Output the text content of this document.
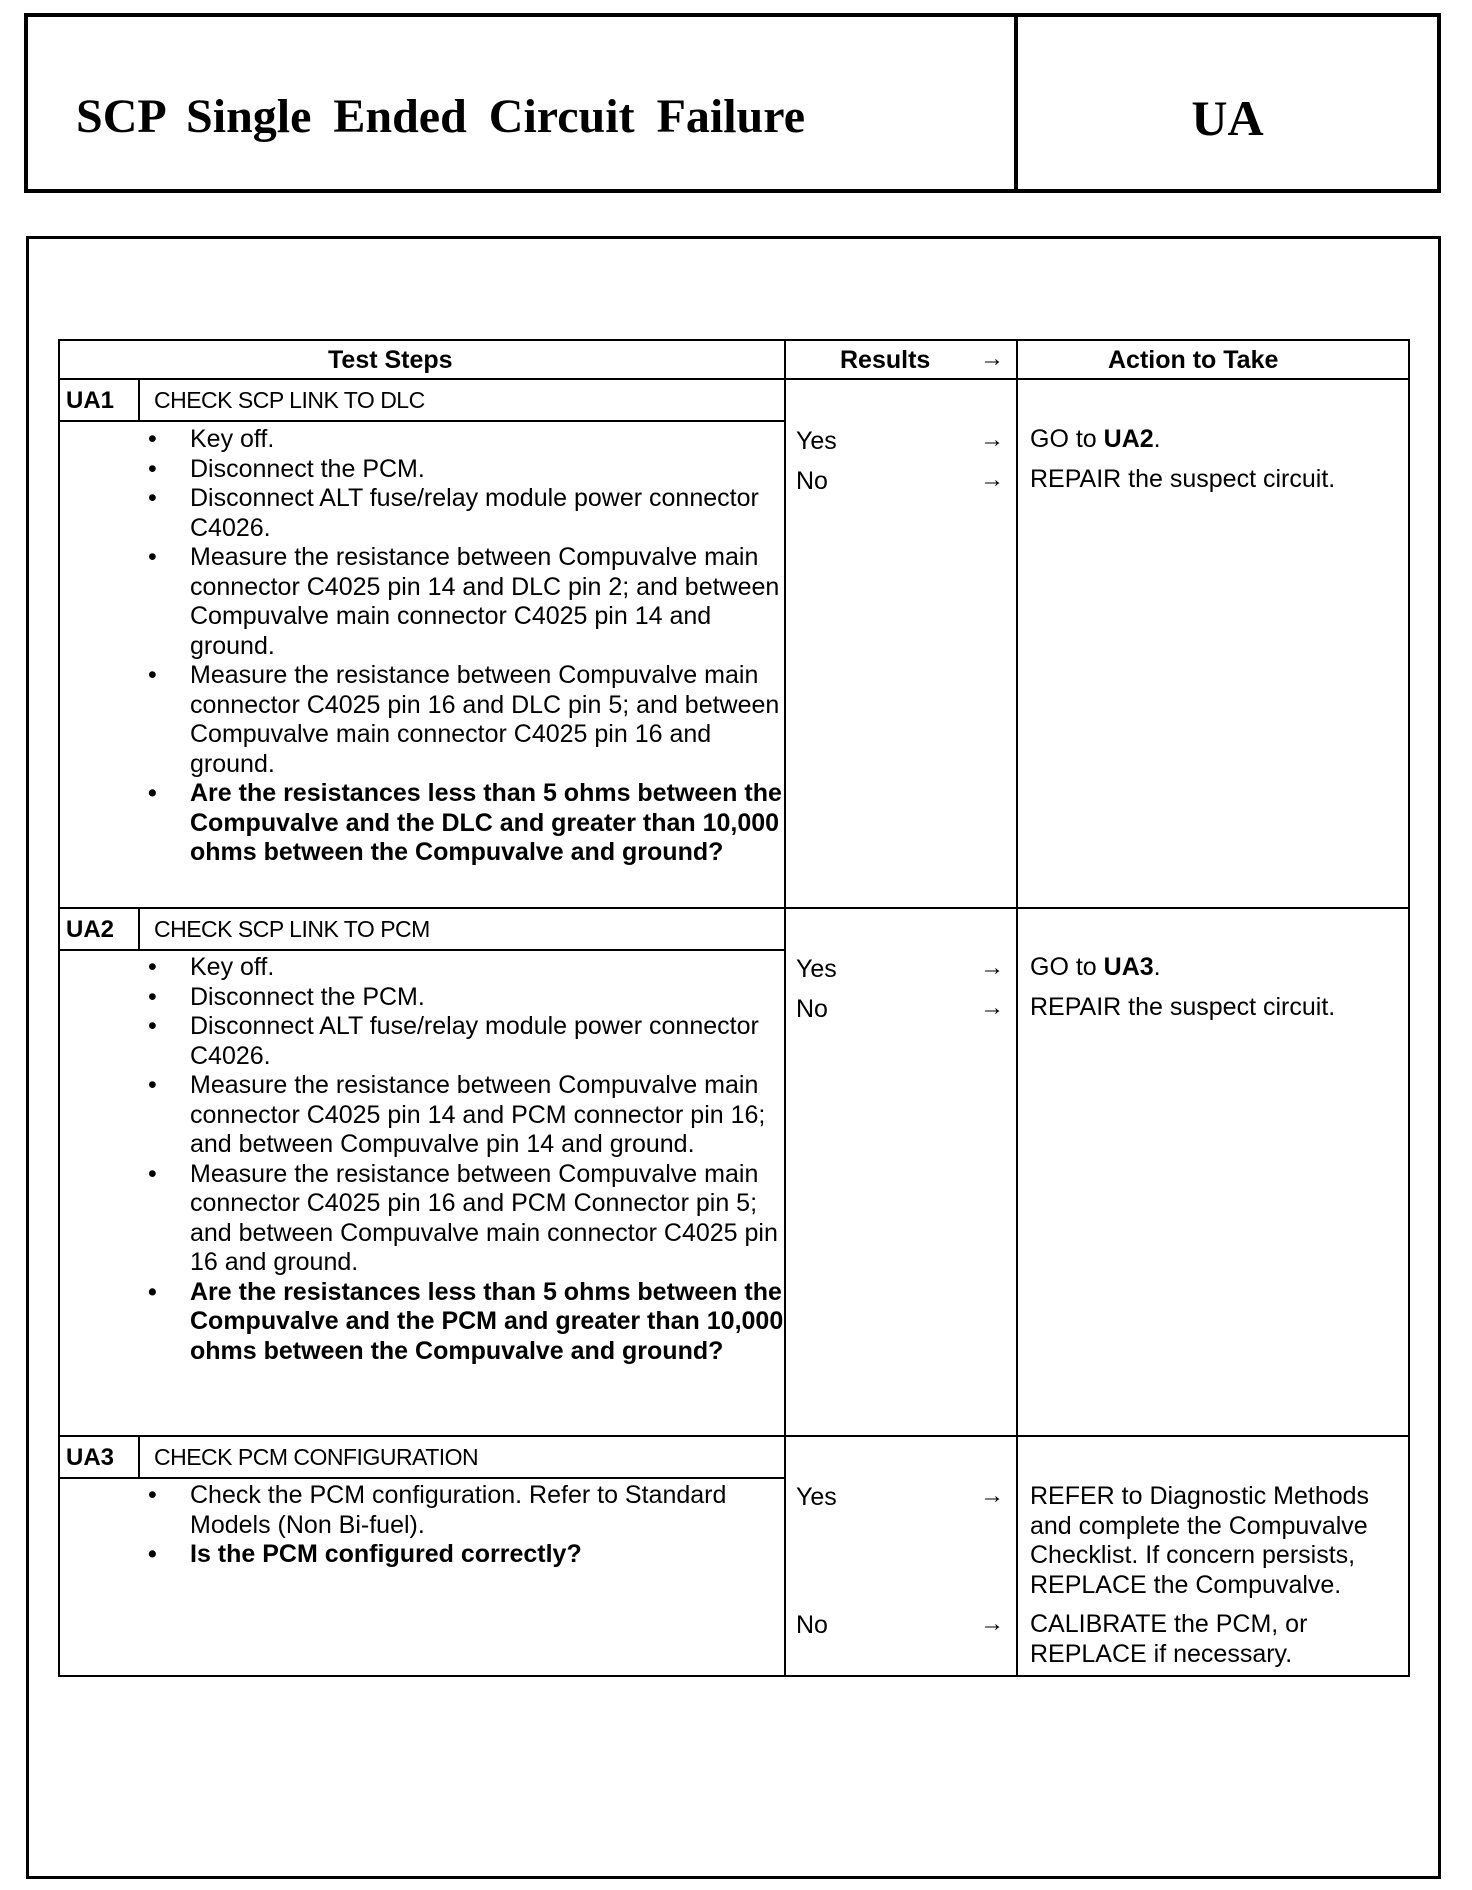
SCP Single Ended Circuit Failure	UA
Test Steps	Results →	Action to Take
UA1 CHECK SCP LINK TO DLC
• Key off.
• Disconnect the PCM.
• Disconnect ALT fuse/relay module power connector C4026.
• Measure the resistance between Compuvalve main connector C4025 pin 14 and DLC pin 2; and between Compuvalve main connector C4025 pin 14 and ground.
• Measure the resistance between Compuvalve main connector C4025 pin 16 and DLC pin 5; and between Compuvalve main connector C4025 pin 16 and ground.
• Are the resistances less than 5 ohms between the Compuvalve and the DLC and greater than 10,000 ohms between the Compuvalve and ground?
Yes	→ GO to UA2.
No	→ REPAIR the suspect circuit.
UA2 CHECK SCP LINK TO PCM
• Key off.
• Disconnect the PCM.
• Disconnect ALT fuse/relay module power connector C4026.
• Measure the resistance between Compuvalve main connector C4025 pin 14 and PCM connector pin 16; and between Compuvalve pin 14 and ground.
• Measure the resistance between Compuvalve main connector C4025 pin 16 and PCM Connector pin 5; and between Compuvalve main connector C4025 pin 16 and ground.
• Are the resistances less than 5 ohms between the Compuvalve and the PCM and greater than 10,000 ohms between the Compuvalve and ground?
Yes	→ GO to UA3.
No	→ REPAIR the suspect circuit.
UA3 CHECK PCM CONFIGURATION
• Check the PCM configuration. Refer to Standard Models (Non Bi-fuel).
• Is the PCM configured correctly?
Yes	→ REFER to Diagnostic Methods and complete the Compuvalve Checklist. If concern persists, REPLACE the Compuvalve.
No	→ CALIBRATE the PCM, or
REPLACE if necessary.
